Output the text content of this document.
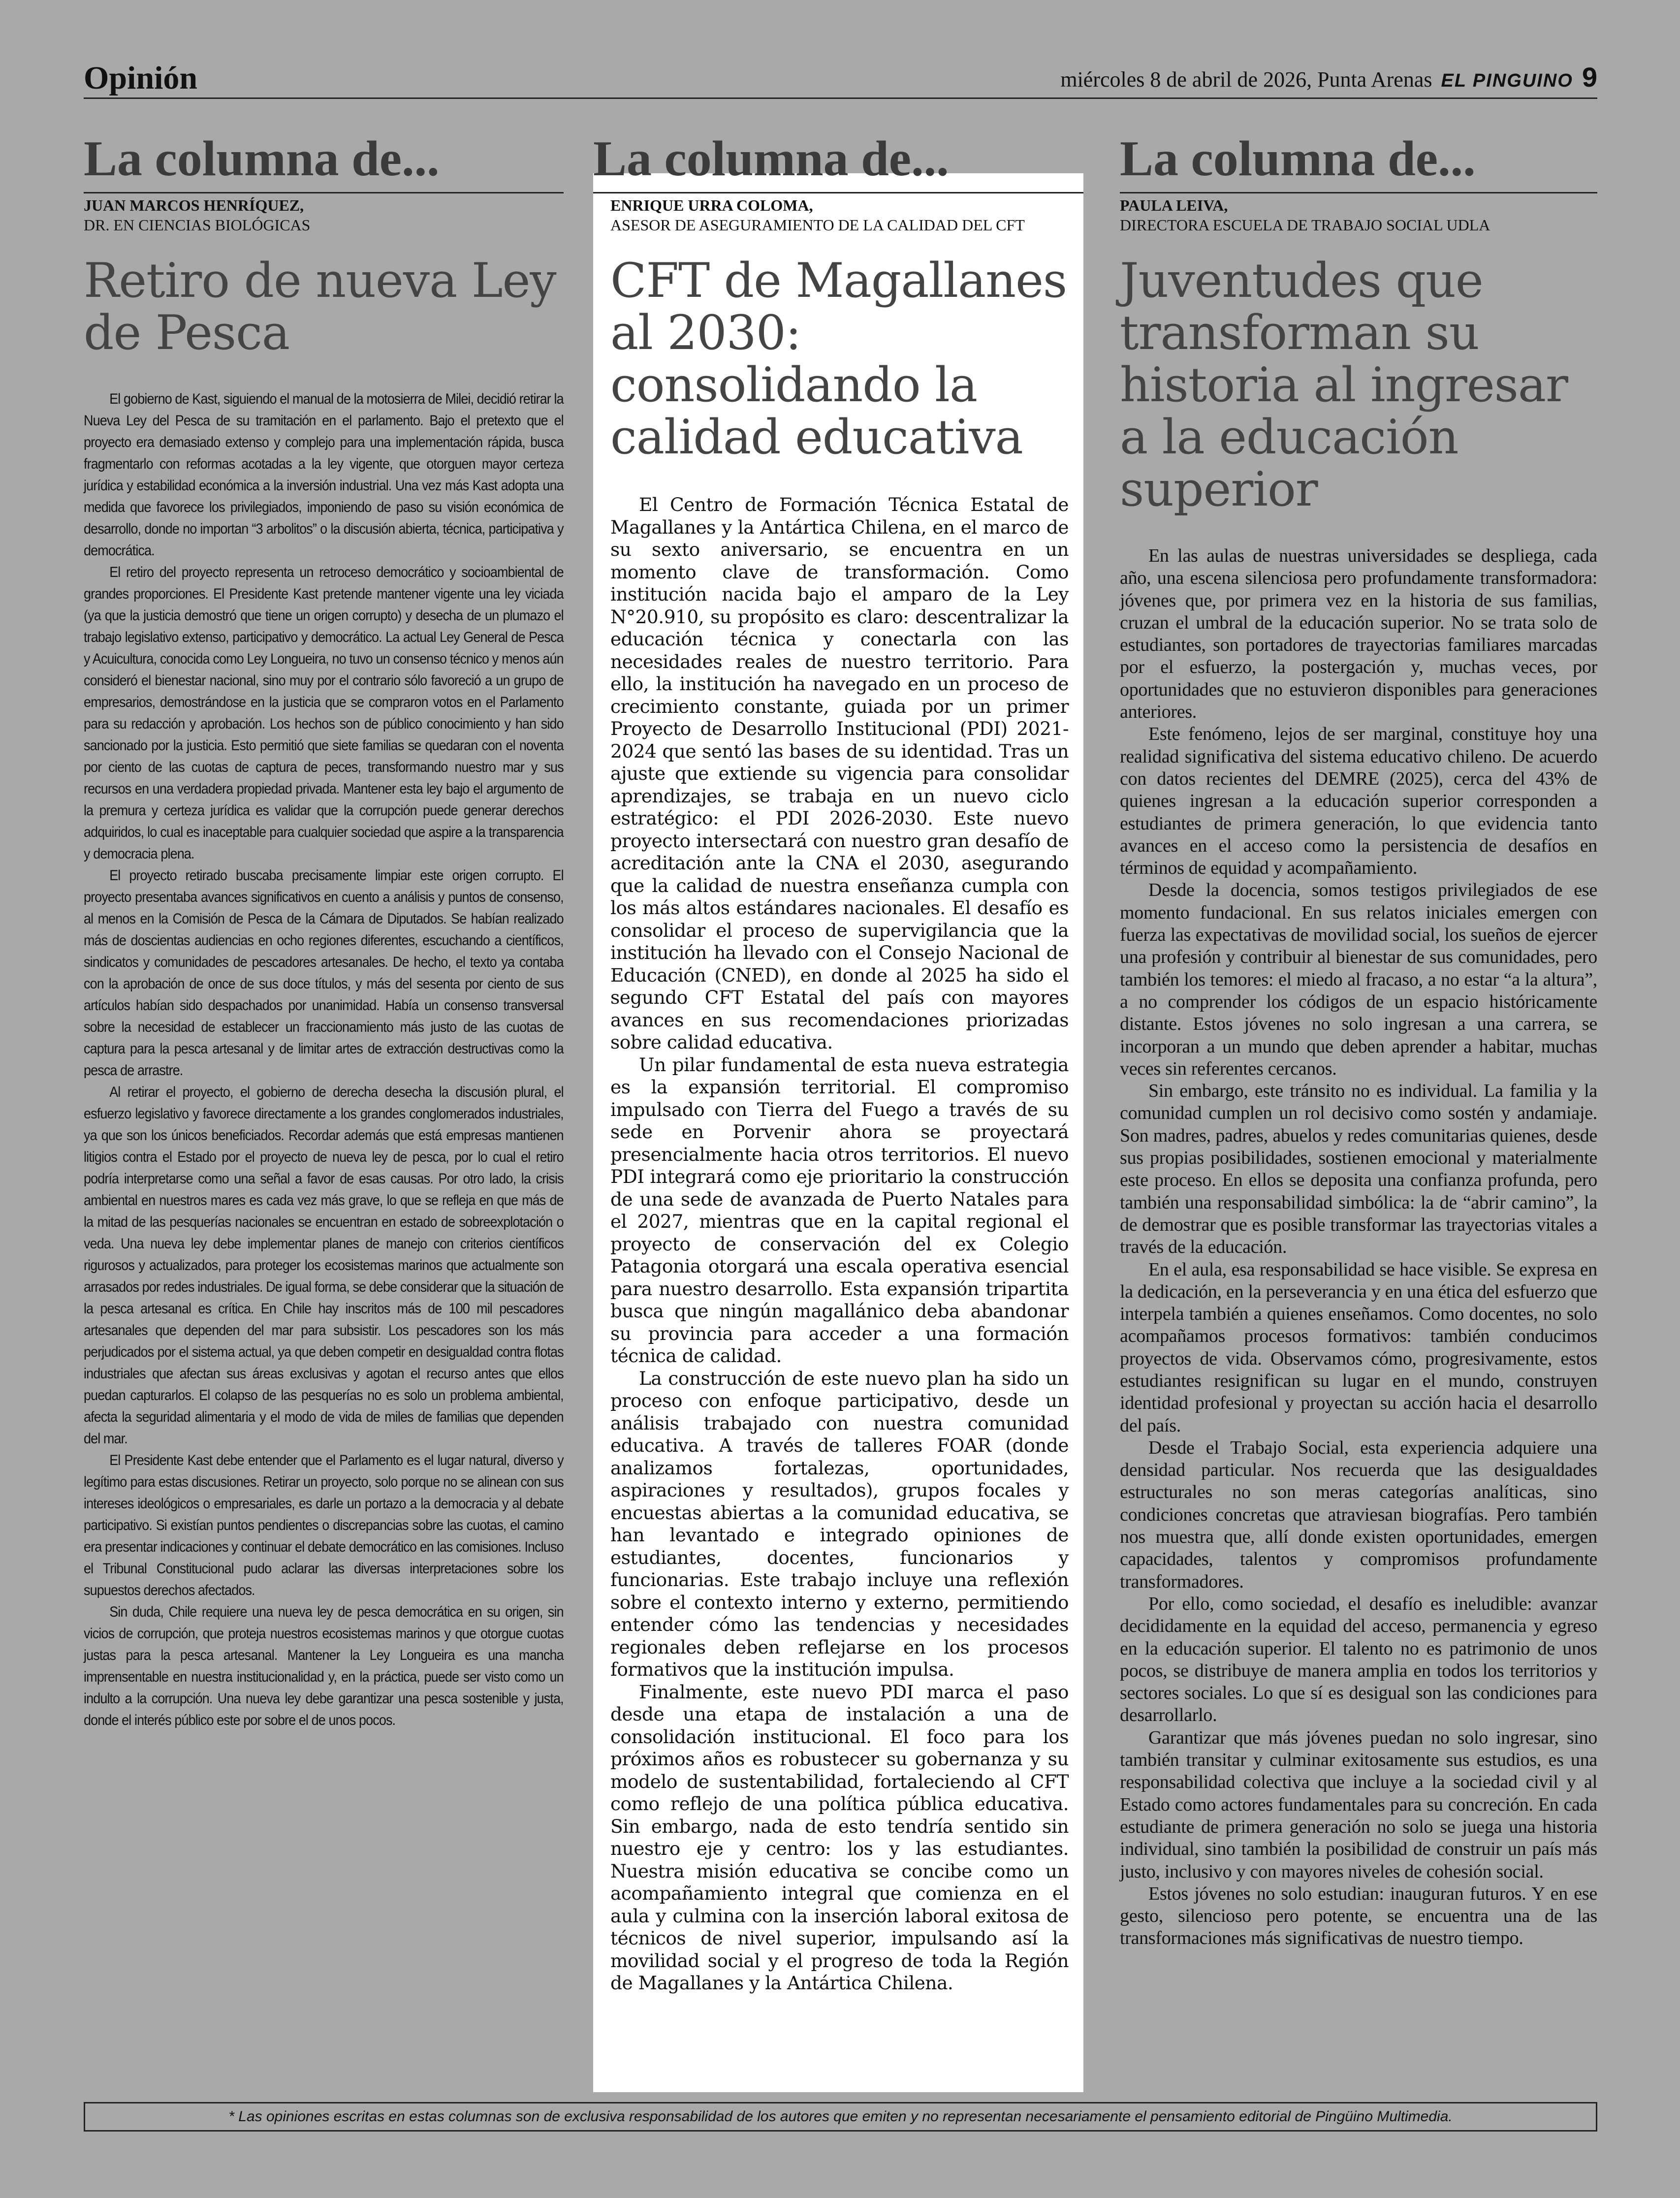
Opinión	miércoles 8 de abril de 2026, Punta Arenas EL PINGUINO 9
La columna de...
JUAN MARCOS HENRÍQUEZ,
DR. EN CIENCIAS BIOLÓGICAS
Retiro de nueva Ley de Pesca

El gobierno de Kast, siguiendo el manual de la motosierra de Milei, decidió retirar la Nueva Ley del Pesca de su tramitación en el parlamento. Bajo el pretexto que el proyecto era demasiado extenso y complejo para una implementación rápida, busca fragmentarlo con reformas acotadas a la ley vigente, que otorguen mayor certeza jurídica y estabilidad económica a la inversión industrial. Una vez más Kast adopta una medida que favorece los privilegiados, imponiendo de paso su visión económica de desarrollo, donde no importan “3 arbolitos” o la discusión abierta, técnica, participativa y democrática.

El retiro del proyecto representa un retroceso democrático y socioambiental de grandes proporciones. El Presidente Kast pretende mantener vigente una ley viciada (ya que la justicia demostró que tiene un origen corrupto) y desecha de un plumazo el trabajo legislativo extenso, participativo y democrático. La actual Ley General de Pesca y Acuicultura, conocida como Ley Longueira, no tuvo un consenso técnico y menos aún consideró el bienestar nacional, sino muy por el contrario sólo favoreció a un grupo de empresarios, demostrándose en la justicia que se compraron votos en el Parlamento para su redacción y aprobación. Los hechos son de público conocimiento y han sido sancionado por la justicia. Esto permitió que siete familias se quedaran con el noventa por ciento de las cuotas de captura de peces, transformando nuestro mar y sus recursos en una verdadera propiedad privada. Mantener esta ley bajo el argumento de la premura y certeza jurídica es validar que la corrupción puede generar derechos adquiridos, lo cual es inaceptable para cualquier sociedad que aspire a la transparencia y democracia plena.

El proyecto retirado buscaba precisamente limpiar este origen corrupto. El proyecto presentaba avances significativos en cuento a análisis y puntos de consenso, al menos en la Comisión de Pesca de la Cámara de Diputados. Se habían realizado más de doscientas audiencias en ocho regiones diferentes, escuchando a científicos, sindicatos y comunidades de pescadores artesanales. De hecho, el texto ya contaba con la aprobación de once de sus doce títulos, y más del sesenta por ciento de sus artículos habían sido despachados por unanimidad. Había un consenso transversal sobre la necesidad de establecer un fraccionamiento más justo de las cuotas de captura para la pesca artesanal y de limitar artes de extracción destructivas como la pesca de arrastre.

Al retirar el proyecto, el gobierno de derecha desecha la discusión plural, el esfuerzo legislativo y favorece directamente a los grandes conglomerados industriales, ya que son los únicos beneficiados. Recordar además que está empresas mantienen litigios contra el Estado por el proyecto de nueva ley de pesca, por lo cual el retiro podría interpretarse como una señal a favor de esas causas. Por otro lado, la crisis ambiental en nuestros mares es cada vez más grave, lo que se refleja en que más de la mitad de las pesquerías nacionales se encuentran en estado de sobreexplotación o veda. Una nueva ley debe implementar planes de manejo con criterios científicos rigurosos y actualizados, para proteger los ecosistemas marinos que actualmente son arrasados por redes industriales. De igual forma, se debe considerar que la situación de la pesca artesanal es crítica. En Chile hay inscritos más de 100 mil pescadores artesanales que dependen del mar para subsistir. Los pescadores son los más perjudicados por el sistema actual, ya que deben competir en desigualdad contra flotas industriales que afectan sus áreas exclusivas y agotan el recurso antes que ellos puedan capturarlos. El colapso de las pesquerías no es solo un problema ambiental, afecta la seguridad alimentaria y el modo de vida de miles de familias que dependen del mar.

El Presidente Kast debe entender que el Parlamento es el lugar natural, diverso y legítimo para estas discusiones. Retirar un proyecto, solo porque no se alinean con sus intereses ideológicos o empresariales, es darle un portazo a la democracia y al debate participativo. Si existían puntos pendientes o discrepancias sobre las cuotas, el camino era presentar indicaciones y continuar el debate democrático en las comisiones. Incluso el Tribunal Constitucional pudo aclarar las diversas interpretaciones sobre los supuestos derechos afectados.

Sin duda, Chile requiere una nueva ley de pesca democrática en su origen, sin vicios de corrupción, que proteja nuestros ecosistemas marinos y que otorgue cuotas justas para la pesca artesanal. Mantener la Ley Longueira es una mancha imprensentable en nuestra institucionalidad y, en la práctica, puede ser visto como un indulto a la corrupción. Una nueva ley debe garantizar una pesca sostenible y justa, donde el interés público este por sobre el de unos pocos.

La columna de...
ENRIQUE URRA COLOMA,
ASESOR DE ASEGURAMIENTO DE LA CALIDAD DEL CFT
CFT de Magallanes al 2030: consolidando la calidad educativa

El Centro de Formación Técnica Estatal de Magallanes y la Antártica Chilena, en el marco de su sexto aniversario, se encuentra en un momento clave de transformación. Como institución nacida bajo el amparo de la Ley N°20.910, su propósito es claro: descentralizar la educación técnica y conectarla con las necesidades reales de nuestro territorio. Para ello, la institución ha navegado en un proceso de crecimiento constante, guiada por un primer Proyecto de Desarrollo Institucional (PDI) 2021-2024 que sentó las bases de su identidad. Tras un ajuste que extiende su vigencia para consolidar aprendizajes, se trabaja en un nuevo ciclo estratégico: el PDI 2026-2030. Este nuevo proyecto intersectará con nuestro gran desafío de acreditación ante la CNA el 2030, asegurando que la calidad de nuestra enseñanza cumpla con los más altos estándares nacionales. El desafío es consolidar el proceso de supervigilancia que la institución ha llevado con el Consejo Nacional de Educación (CNED), en donde al 2025 ha sido el segundo CFT Estatal del país con mayores avances en sus recomendaciones priorizadas sobre calidad educativa.

Un pilar fundamental de esta nueva estrategia es la expansión territorial. El compromiso impulsado con Tierra del Fuego a través de su sede en Porvenir ahora se proyectará presencialmente hacia otros territorios. El nuevo PDI integrará como eje prioritario la construcción de una sede de avanzada de Puerto Natales para el 2027, mientras que en la capital regional el proyecto de conservación del ex Colegio Patagonia otorgará una escala operativa esencial para nuestro desarrollo. Esta expansión tripartita busca que ningún magallánico deba abandonar su provincia para acceder a una formación técnica de calidad.

La construcción de este nuevo plan ha sido un proceso con enfoque participativo, desde un análisis trabajado con nuestra comunidad educativa. A través de talleres FOAR (donde analizamos fortalezas, oportunidades, aspiraciones y resultados), grupos focales y encuestas abiertas a la comunidad educativa, se han levantado e integrado opiniones de estudiantes, docentes, funcionarios y funcionarias. Este trabajo incluye una reflexión sobre el contexto interno y externo, permitiendo entender cómo las tendencias y necesidades regionales deben reflejarse en los procesos formativos que la institución impulsa.

Finalmente, este nuevo PDI marca el paso desde una etapa de instalación a una de consolidación institucional. El foco para los próximos años es robustecer su gobernanza y su modelo de sustentabilidad, fortaleciendo al CFT como reflejo de una política pública educativa. Sin embargo, nada de esto tendría sentido sin nuestro eje y centro: los y las estudiantes. Nuestra misión educativa se concibe como un acompañamiento integral que comienza en el aula y culmina con la inserción laboral exitosa de técnicos de nivel superior, impulsando así la movilidad social y el progreso de toda la Región de Magallanes y la Antártica Chilena.

La columna de...
PAULA LEIVA,
DIRECTORA ESCUELA DE TRABAJO SOCIAL UDLA
Juventudes que transforman su historia al ingresar a la educación superior

En las aulas de nuestras universidades se despliega, cada año, una escena silenciosa pero profundamente transformadora: jóvenes que, por primera vez en la historia de sus familias, cruzan el umbral de la educación superior. No se trata solo de estudiantes, son portadores de trayectorias familiares marcadas por el esfuerzo, la postergación y, muchas veces, por oportunidades que no estuvieron disponibles para generaciones anteriores.

Este fenómeno, lejos de ser marginal, constituye hoy una realidad significativa del sistema educativo chileno. De acuerdo con datos recientes del DEMRE (2025), cerca del 43% de quienes ingresan a la educación superior corresponden a estudiantes de primera generación, lo que evidencia tanto avances en el acceso como la persistencia de desafíos en términos de equidad y acompañamiento.

Desde la docencia, somos testigos privilegiados de ese momento fundacional. En sus relatos iniciales emergen con fuerza las expectativas de movilidad social, los sueños de ejercer una profesión y contribuir al bienestar de sus comunidades, pero también los temores: el miedo al fracaso, a no estar “a la altura”, a no comprender los códigos de un espacio históricamente distante. Estos jóvenes no solo ingresan a una carrera, se incorporan a un mundo que deben aprender a habitar, muchas veces sin referentes cercanos.

Sin embargo, este tránsito no es individual. La familia y la comunidad cumplen un rol decisivo como sostén y andamiaje. Son madres, padres, abuelos y redes comunitarias quienes, desde sus propias posibilidades, sostienen emocional y materialmente este proceso. En ellos se deposita una confianza profunda, pero también una responsabilidad simbólica: la de “abrir camino”, la de demostrar que es posible transformar las trayectorias vitales a través de la educación.

En el aula, esa responsabilidad se hace visible. Se expresa en la dedicación, en la perseverancia y en una ética del esfuerzo que interpela también a quienes enseñamos. Como docentes, no solo acompañamos procesos formativos: también conducimos proyectos de vida. Observamos cómo, progresivamente, estos estudiantes resignifican su lugar en el mundo, construyen identidad profesional y proyectan su acción hacia el desarrollo del país.

Desde el Trabajo Social, esta experiencia adquiere una densidad particular. Nos recuerda que las desigualdades estructurales no son meras categorías analíticas, sino condiciones concretas que atraviesan biografías. Pero también nos muestra que, allí donde existen oportunidades, emergen capacidades, talentos y compromisos profundamente transformadores.

Por ello, como sociedad, el desafío es ineludible: avanzar decididamente en la equidad del acceso, permanencia y egreso en la educación superior. El talento no es patrimonio de unos pocos, se distribuye de manera amplia en todos los territorios y sectores sociales. Lo que sí es desigual son las condiciones para desarrollarlo.

Garantizar que más jóvenes puedan no solo ingresar, sino también transitar y culminar exitosamente sus estudios, es una responsabilidad colectiva que incluye a la sociedad civil y al Estado como actores fundamentales para su concreción. En cada estudiante de primera generación no solo se juega una historia individual, sino también la posibilidad de construir un país más justo, inclusivo y con mayores niveles de cohesión social.

Estos jóvenes no solo estudian: inauguran futuros. Y en ese gesto, silencioso pero potente, se encuentra una de las transformaciones más significativas de nuestro tiempo.

* Las opiniones escritas en estas columnas son de exclusiva responsabilidad de los autores que emiten y no representan necesariamente el pensamiento editorial de Pingüino Multimedia.
